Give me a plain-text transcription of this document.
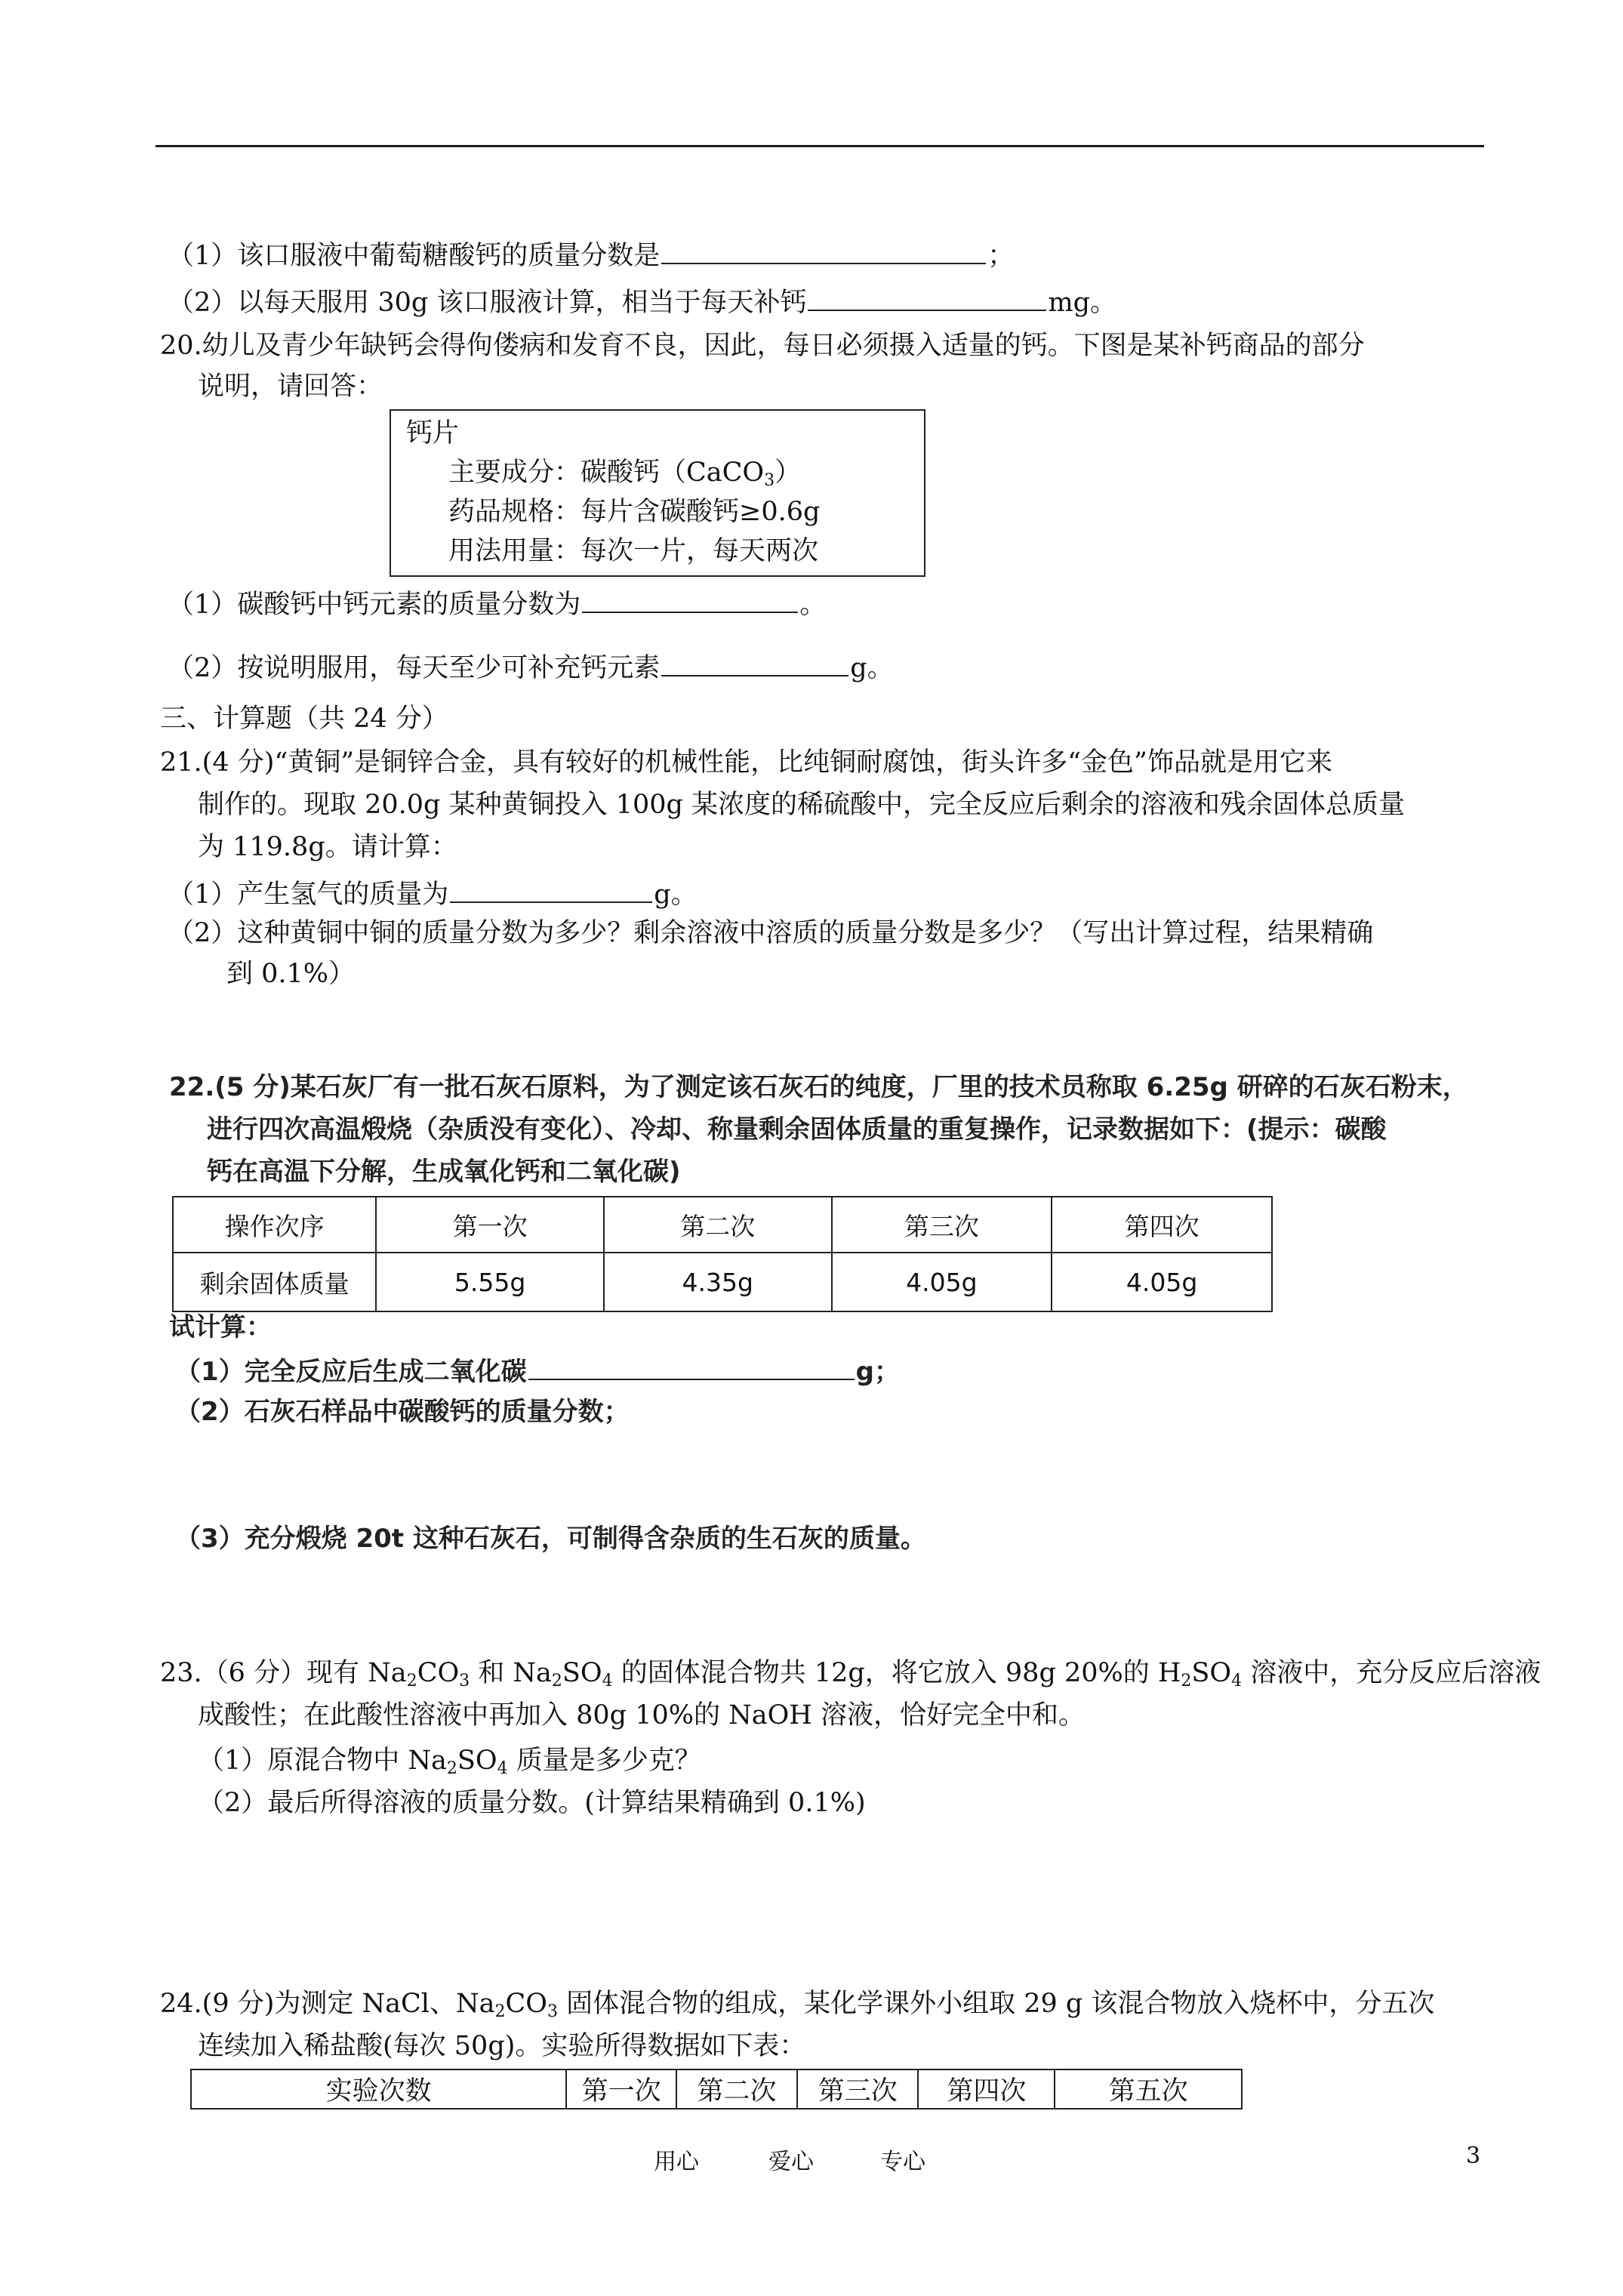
（1）该口服液中葡萄糖酸钙的质量分数是	；
（2）以每天服用 30g 该口服液计算，相当于每天补钙	mg。
20.幼儿及青少年缺钙会得佝偻病和发育不良，因此，每日必须摄入适量的钙。下图是某补钙商品的部分
说明，请回答：
钙片
主要成分：碳酸钙（CaCO$_3$）
药品规格：每片含碳酸钙≥0.6g
用法用量：每次一片，每天两次
（1）碳酸钙中钙元素的质量分数为	。
（2）按说明服用，每天至少可补充钙元素	g。
三、计算题（共 24 分）
21.(4 分)“黄铜”是铜锌合金，具有较好的机械性能，比纯铜耐腐蚀，街头许多“金色”饰品就是用它来
制作的。现取 20.0g 某种黄铜投入 100g 某浓度的稀硫酸中，完全反应后剩余的溶液和残余固体总质量
为 119.8g。请计算：
（1）产生氢气的质量为	g。
（2）这种黄铜中铜的质量分数为多少？剩余溶液中溶质的质量分数是多少？（写出计算过程，结果精确
到 0.1%）
22.(5 分)某石灰厂有一批石灰石原料，为了测定该石灰石的纯度，厂里的技术员称取 6.25g 研碎的石灰石粉末，
进行四次高温煅烧（杂质没有变化）、冷却、称量剩余固体质量的重复操作，记录数据如下：(提示：碳酸
钙在高温下分解，生成氧化钙和二氧化碳)
操作次序	第一次	第二次	第三次	第四次
剩余固体质量	5.55g	4.35g	4.05g	4.05g
试计算：
（1）完全反应后生成二氧化碳	g；
（2）石灰石样品中碳酸钙的质量分数；
（3）充分煅烧 20t 这种石灰石，可制得含杂质的生石灰的质量。
23.（6 分）现有 $Na_2CO_3$ 和 $Na_2SO_4$ 的固体混合物共 12g，将它放入 98g 20%的 $H_2SO_4$ 溶液中，充分反应后溶液
成酸性；在此酸性溶液中再加入 80g 10%的 NaOH 溶液，恰好完全中和。
（1）原混合物中 $Na_2SO_4$ 质量是多少克？
（2）最后所得溶液的质量分数。(计算结果精确到 0.1%)
24.(9 分)为测定 NaCl、$Na_2CO_3$ 固体混合物的组成，某化学课外小组取 29 g 该混合物放入烧杯中，分五次
连续加入稀盐酸(每次 50g)。实验所得数据如下表：
实验次数	第一次	第二次	第三次	第四次	第五次
用心	爱心	专心	3
